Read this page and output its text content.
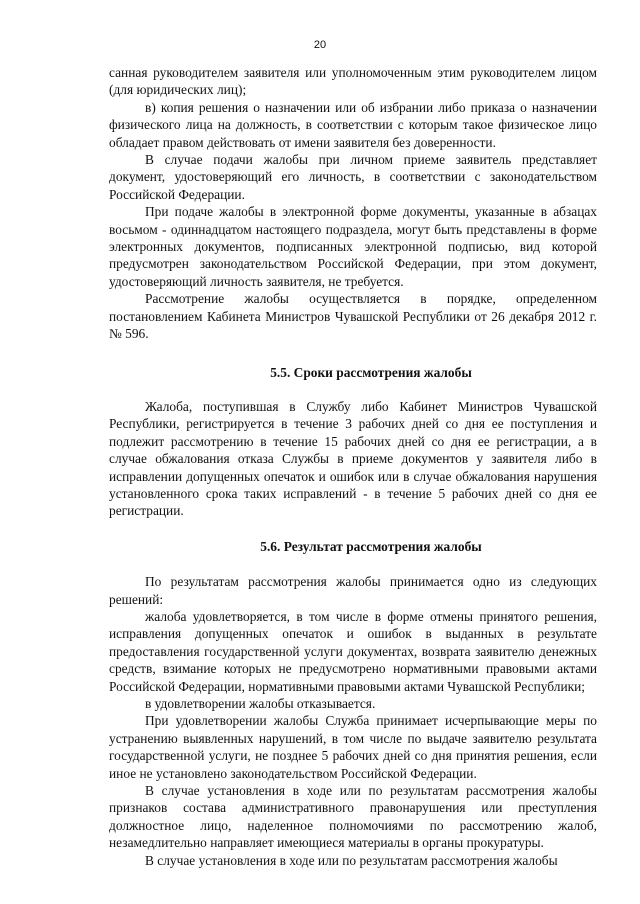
20

санная руководителем заявителя или уполномоченным этим руководителем лицом (для юридических лиц);

в) копия решения о назначении или об избрании либо приказа о назначении физического лица на должность, в соответствии с которым такое физическое лицо обладает правом действовать от имени заявителя без доверенности.

В случае подачи жалобы при личном приеме заявитель представляет документ, удостоверяющий его личность, в соответствии с законодательством Российской Федерации.

При подаче жалобы в электронной форме документы, указанные в абзацах восьмом - одиннадцатом настоящего подраздела, могут быть представлены в форме электронных документов, подписанных электронной подписью, вид которой предусмотрен законодательством Российской Федерации, при этом документ, удостоверяющий личность заявителя, не требуется.

Рассмотрение жалобы осуществляется в порядке, определенном постановлением Кабинета Министров Чувашской Республики от 26 декабря 2012 г. № 596.

5.5. Сроки рассмотрения жалобы

Жалоба, поступившая в Службу либо Кабинет Министров Чувашской Республики, регистрируется в течение 3 рабочих дней со дня ее поступления и подлежит рассмотрению в течение 15 рабочих дней со дня ее регистрации, а в случае обжалования отказа Службы в приеме документов у заявителя либо в исправлении допущенных опечаток и ошибок или в случае обжалования нарушения установленного срока таких исправлений - в течение 5 рабочих дней со дня ее регистрации.

5.6. Результат рассмотрения жалобы

По результатам рассмотрения жалобы принимается одно из следующих решений:

жалоба удовлетворяется, в том числе в форме отмены принятого решения, исправления допущенных опечаток и ошибок в выданных в результате предоставления государственной услуги документах, возврата заявителю денежных средств, взимание которых не предусмотрено нормативными правовыми актами Российской Федерации, нормативными правовыми актами Чувашской Республики;

в удовлетворении жалобы отказывается.

При удовлетворении жалобы Служба принимает исчерпывающие меры по устранению выявленных нарушений, в том числе по выдаче заявителю результата государственной услуги, не позднее 5 рабочих дней со дня принятия решения, если иное не установлено законодательством Российской Федерации.

В случае установления в ходе или по результатам рассмотрения жалобы признаков состава административного правонарушения или преступления должностное лицо, наделенное полномочиями по рассмотрению жалоб, незамедлительно направляет имеющиеся материалы в органы прокуратуры.

В случае установления в ходе или по результатам рассмотрения жалобы
